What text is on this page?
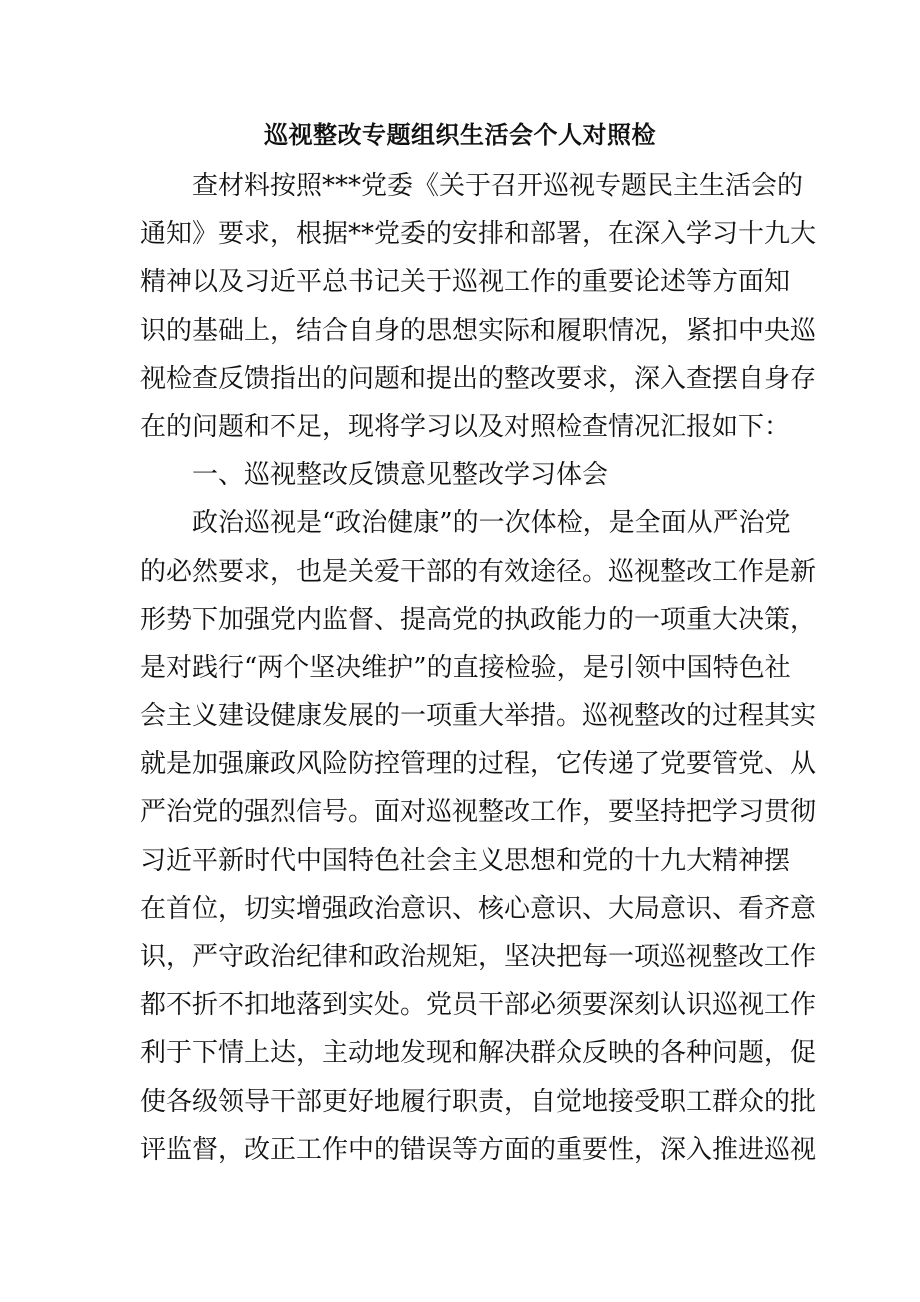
巡视整改专题组织生活会个人对照检
查材料按照***党委《关于召开巡视专题民主生活会的
通知》要求，根据**党委的安排和部署，在深入学习十九大
精神以及习近平总书记关于巡视工作的重要论述等方面知
识的基础上，结合自身的思想实际和履职情况，紧扣中央巡
视检查反馈指出的问题和提出的整改要求，深入查摆自身存
在的问题和不足，现将学习以及对照检查情况汇报如下：
一、巡视整改反馈意见整改学习体会
政治巡视是“政治健康”的一次体检，是全面从严治党
的必然要求，也是关爱干部的有效途径。巡视整改工作是新
形势下加强党内监督、提高党的执政能力的一项重大决策，
是对践行“两个坚决维护”的直接检验，是引领中国特色社
会主义建设健康发展的一项重大举措。巡视整改的过程其实
就是加强廉政风险防控管理的过程，它传递了党要管党、从
严治党的强烈信号。面对巡视整改工作，要坚持把学习贯彻
习近平新时代中国特色社会主义思想和党的十九大精神摆
在首位，切实增强政治意识、核心意识、大局意识、看齐意
识，严守政治纪律和政治规矩，坚决把每一项巡视整改工作
都不折不扣地落到实处。党员干部必须要深刻认识巡视工作
利于下情上达，主动地发现和解决群众反映的各种问题，促
使各级领导干部更好地履行职责，自觉地接受职工群众的批
评监督，改正工作中的错误等方面的重要性，深入推进巡视
